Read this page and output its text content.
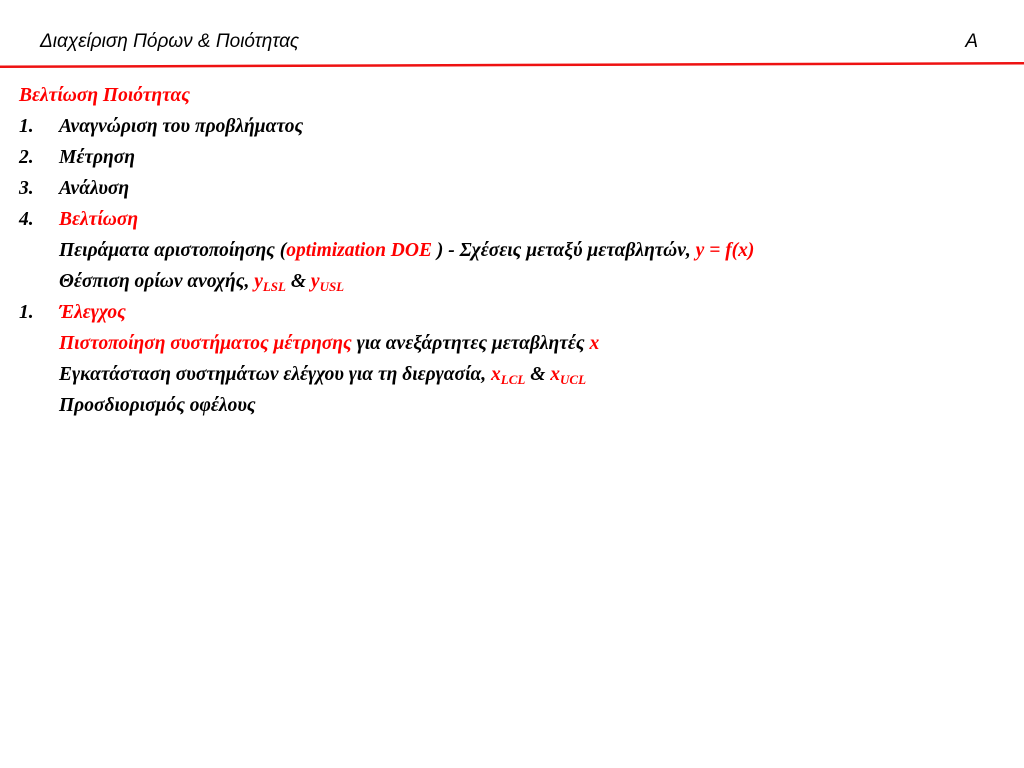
Διαχείριση Πόρων & Ποιότητας	Α
Βελτίωση Ποιότητας
1. Αναγνώριση του προβλήματος
2. Μέτρηση
3. Ανάλυση
4. Βελτίωση
Πειράματα αριστοποίησης (optimization DOE ) - Σχέσεις μεταξύ μεταβλητών, y = f(x)
Θέσπιση ορίων ανοχής, $y_{LSL}$ & $y_{USL}$
1. Έλεγχος
Πιστοποίηση συστήματος μέτρησης για ανεξάρτητες μεταβλητές x
Εγκατάσταση συστημάτων ελέγχου για τη διεργασία, $x_{LCL}$ & $x_{UCL}$
Προσδιορισμός οφέλους
